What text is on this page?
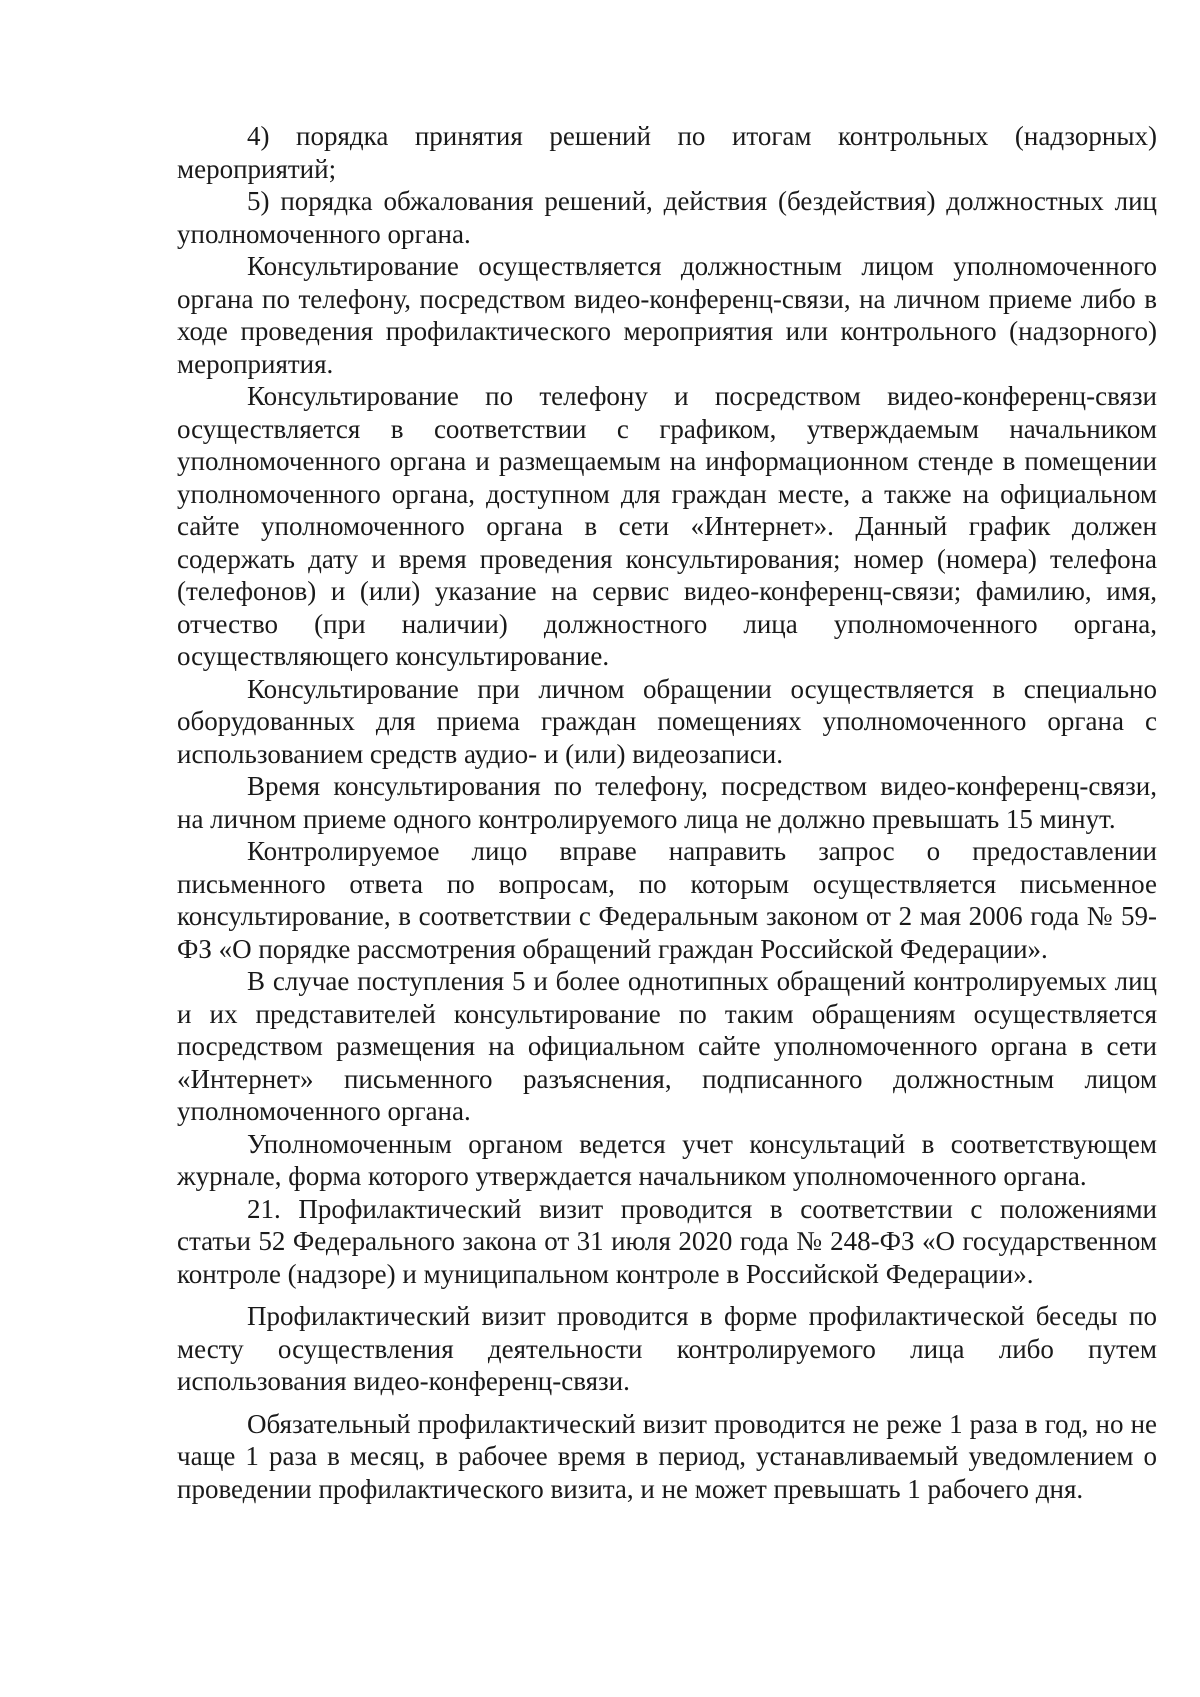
4) порядка принятия решений по итогам контрольных (надзорных) мероприятий;

5) порядка обжалования решений, действия (бездействия) должностных лиц уполномоченного органа.

Консультирование осуществляется должностным лицом уполномоченного органа по телефону, посредством видео-конференц-связи, на личном приеме либо в ходе проведения профилактического мероприятия или контрольного (надзорного) мероприятия.

Консультирование по телефону и посредством видео-конференц-связи осуществляется в соответствии с графиком, утверждаемым начальником уполномоченного органа и размещаемым на информационном стенде в помещении уполномоченного органа, доступном для граждан месте, а также на официальном сайте уполномоченного органа в сети «Интернет». Данный график должен содержать дату и время проведения консультирования; номер (номера) телефона (телефонов) и (или) указание на сервис видео-конференц-связи; фамилию, имя, отчество (при наличии) должностного лица уполномоченного органа, осуществляющего консультирование.

Консультирование при личном обращении осуществляется в специально оборудованных для приема граждан помещениях уполномоченного органа с использованием средств аудио- и (или) видеозаписи.

Время консультирования по телефону, посредством видео-конференц-связи, на личном приеме одного контролируемого лица не должно превышать 15 минут.

Контролируемое лицо вправе направить запрос о предоставлении письменного ответа по вопросам, по которым осуществляется письменное консультирование, в соответствии с Федеральным законом от 2 мая 2006 года № 59-ФЗ «О порядке рассмотрения обращений граждан Российской Федерации».

В случае поступления 5 и более однотипных обращений контролируемых лиц и их представителей консультирование по таким обращениям осуществляется посредством размещения на официальном сайте уполномоченного органа в сети «Интернет» письменного разъяснения, подписанного должностным лицом уполномоченного органа.

Уполномоченным органом ведется учет консультаций в соответствующем журнале, форма которого утверждается начальником уполномоченного органа.

21. Профилактический визит проводится в соответствии с положениями статьи 52 Федерального закона от 31 июля 2020 года № 248-ФЗ «О государственном контроле (надзоре) и муниципальном контроле в Российской Федерации».

Профилактический визит проводится в форме профилактической беседы по месту осуществления деятельности контролируемого лица либо путем использования видео-конференц-связи.

Обязательный профилактический визит проводится не реже 1 раза в год, но не чаще 1 раза в месяц, в рабочее время в период, устанавливаемый уведомлением о проведении профилактического визита, и не может превышать 1 рабочего дня.
